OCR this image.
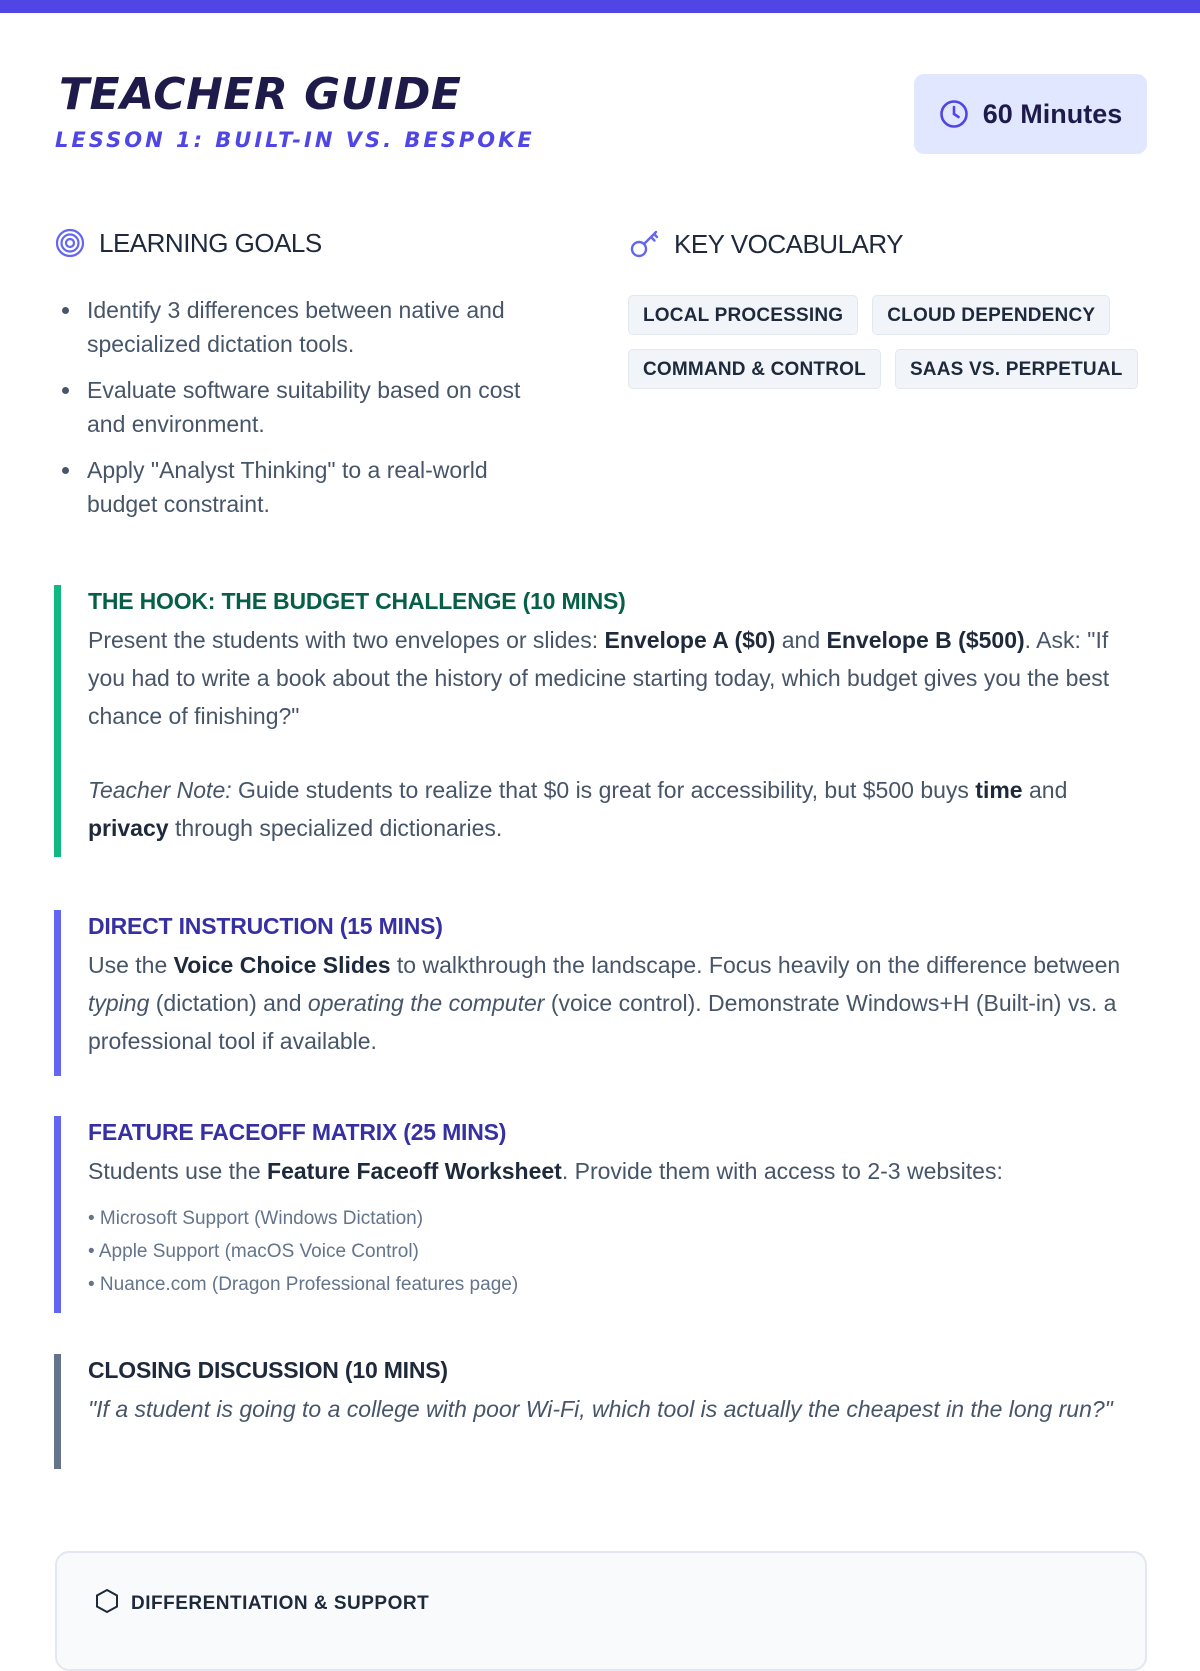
TEACHER GUIDE
LESSON 1: BUILT-IN VS. BESPOKE
60 Minutes
LEARNING GOALS
Identify 3 differences between native and specialized dictation tools.
Evaluate software suitability based on cost and environment.
Apply "Analyst Thinking" to a real-world budget constraint.
KEY VOCABULARY
LOCAL PROCESSING	CLOUD DEPENDENCY
COMMAND & CONTROL	SAAS VS. PERPETUAL
THE HOOK: THE BUDGET CHALLENGE (10 MINS)

Present the students with two envelopes or slides: Envelope A ($0) and Envelope B ($500). Ask: "If you had to write a book about the history of medicine starting today, which budget gives you the best chance of finishing?"

Teacher Note: Guide students to realize that $0 is great for accessibility, but $500 buys time and privacy through specialized dictionaries.

DIRECT INSTRUCTION (15 MINS)

Use the Voice Choice Slides to walkthrough the landscape. Focus heavily on the difference between typing (dictation) and operating the computer (voice control). Demonstrate Windows+H (Built-in) vs. a professional tool if available.

FEATURE FACEOFF MATRIX (25 MINS)

Students use the Feature Faceoff Worksheet. Provide them with access to 2-3 websites:

• Microsoft Support (Windows Dictation)
• Apple Support (macOS Voice Control)
• Nuance.com (Dragon Professional features page)
CLOSING DISCUSSION (10 MINS)

"If a student is going to a college with poor Wi-Fi, which tool is actually the cheapest in the long run?"

DIFFERENTIATION & SUPPORT
